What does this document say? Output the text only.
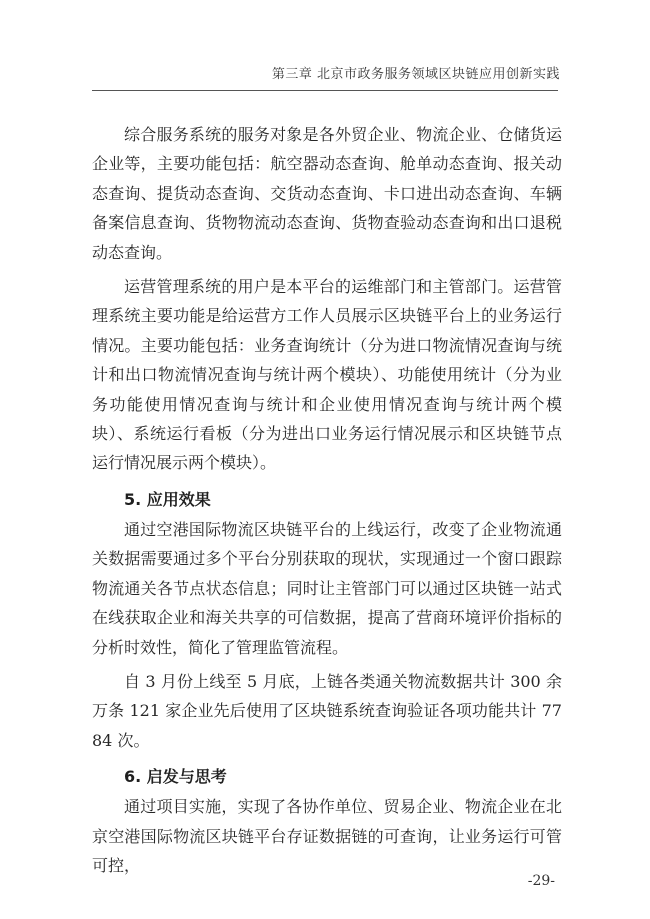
第三章 北京市政务服务领域区块链应用创新实践

综合服务系统的服务对象是各外贸企业、物流企业、仓储货运企业等，主要功能包括：航空器动态查询、舱单动态查询、报关动态查询、提货动态查询、交货动态查询、卡口进出动态查询、车辆备案信息查询、货物物流动态查询、货物查验动态查询和出口退税动态查询。

运营管理系统的用户是本平台的运维部门和主管部门。运营管理系统主要功能是给运营方工作人员展示区块链平台上的业务运行情况。主要功能包括：业务查询统计（分为进口物流情况查询与统计和出口物流情况查询与统计两个模块）、功能使用统计（分为业务功能使用情况查询与统计和企业使用情况查询与统计两个模块）、系统运行看板（分为进出口业务运行情况展示和区块链节点运行情况展示两个模块）。

5. 应用效果

通过空港国际物流区块链平台的上线运行，改变了企业物流通关数据需要通过多个平台分别获取的现状，实现通过一个窗口跟踪物流通关各节点状态信息；同时让主管部门可以通过区块链一站式在线获取企业和海关共享的可信数据，提高了营商环境评价指标的分析时效性，简化了管理监管流程。

自 3 月份上线至 5 月底，上链各类通关物流数据共计 300 余万条 121 家企业先后使用了区块链系统查询验证各项功能共计 7784 次。

6. 启发与思考

通过项目实施，实现了各协作单位、贸易企业、物流企业在北京空港国际物流区块链平台存证数据链的可查询，让业务运行可管可控，

-29-
